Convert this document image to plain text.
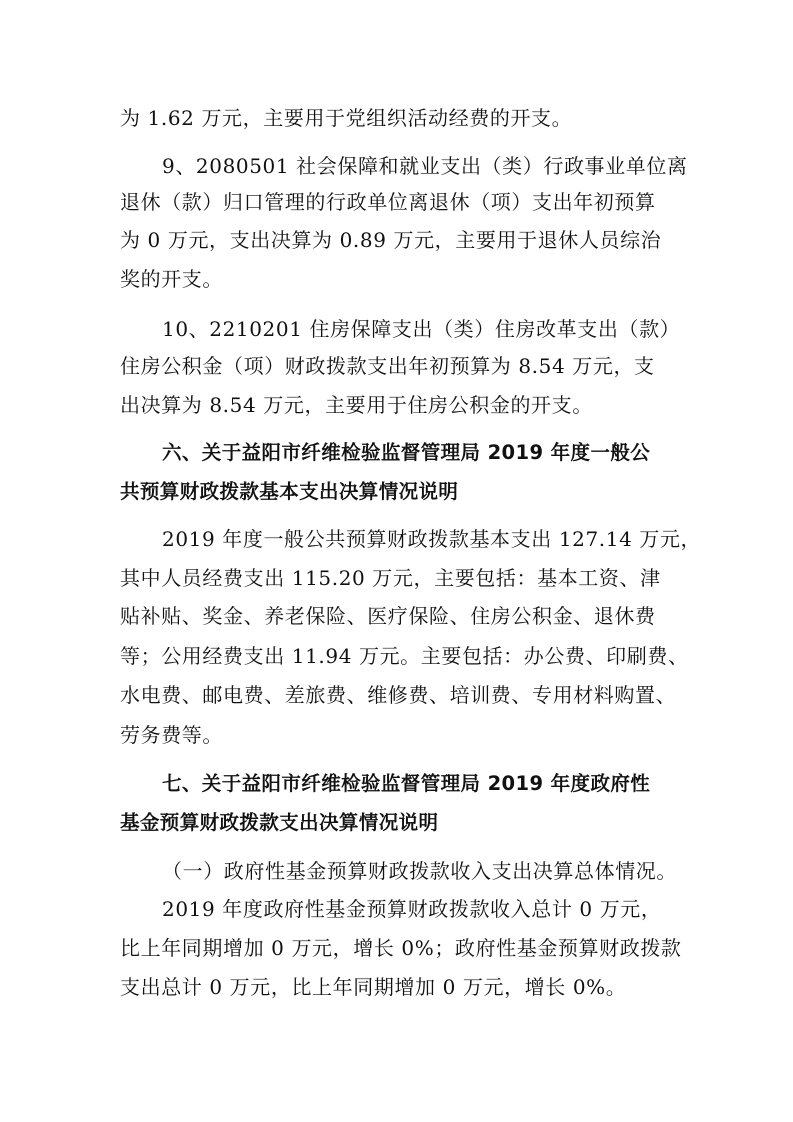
为 1.62 万元，主要用于党组织活动经费的开支。
9、2080501 社会保障和就业支出（类）行政事业单位离
退休（款）归口管理的行政单位离退休（项）支出年初预算
为 0 万元，支出决算为 0.89 万元，主要用于退休人员综治
奖的开支。
10、2210201 住房保障支出（类）住房改革支出（款）
住房公积金（项）财政拨款支出年初预算为 8.54 万元，支
出决算为 8.54 万元，主要用于住房公积金的开支。
六、关于益阳市纤维检验监督管理局 2019 年度一般公
共预算财政拨款基本支出决算情况说明
2019 年度一般公共预算财政拨款基本支出 127.14 万元，
其中人员经费支出 115.20 万元，主要包括：基本工资、津
贴补贴、奖金、养老保险、医疗保险、住房公积金、退休费
等；公用经费支出 11.94 万元。主要包括：办公费、印刷费、
水电费、邮电费、差旅费、维修费、培训费、专用材料购置、
劳务费等。
七、关于益阳市纤维检验监督管理局 2019 年度政府性
基金预算财政拨款支出决算情况说明
（一）政府性基金预算财政拨款收入支出决算总体情况。
2019 年度政府性基金预算财政拨款收入总计 0 万元，
比上年同期增加 0 万元，增长 0%；政府性基金预算财政拨款
支出总计 0 万元，比上年同期增加 0 万元，增长 0%。
